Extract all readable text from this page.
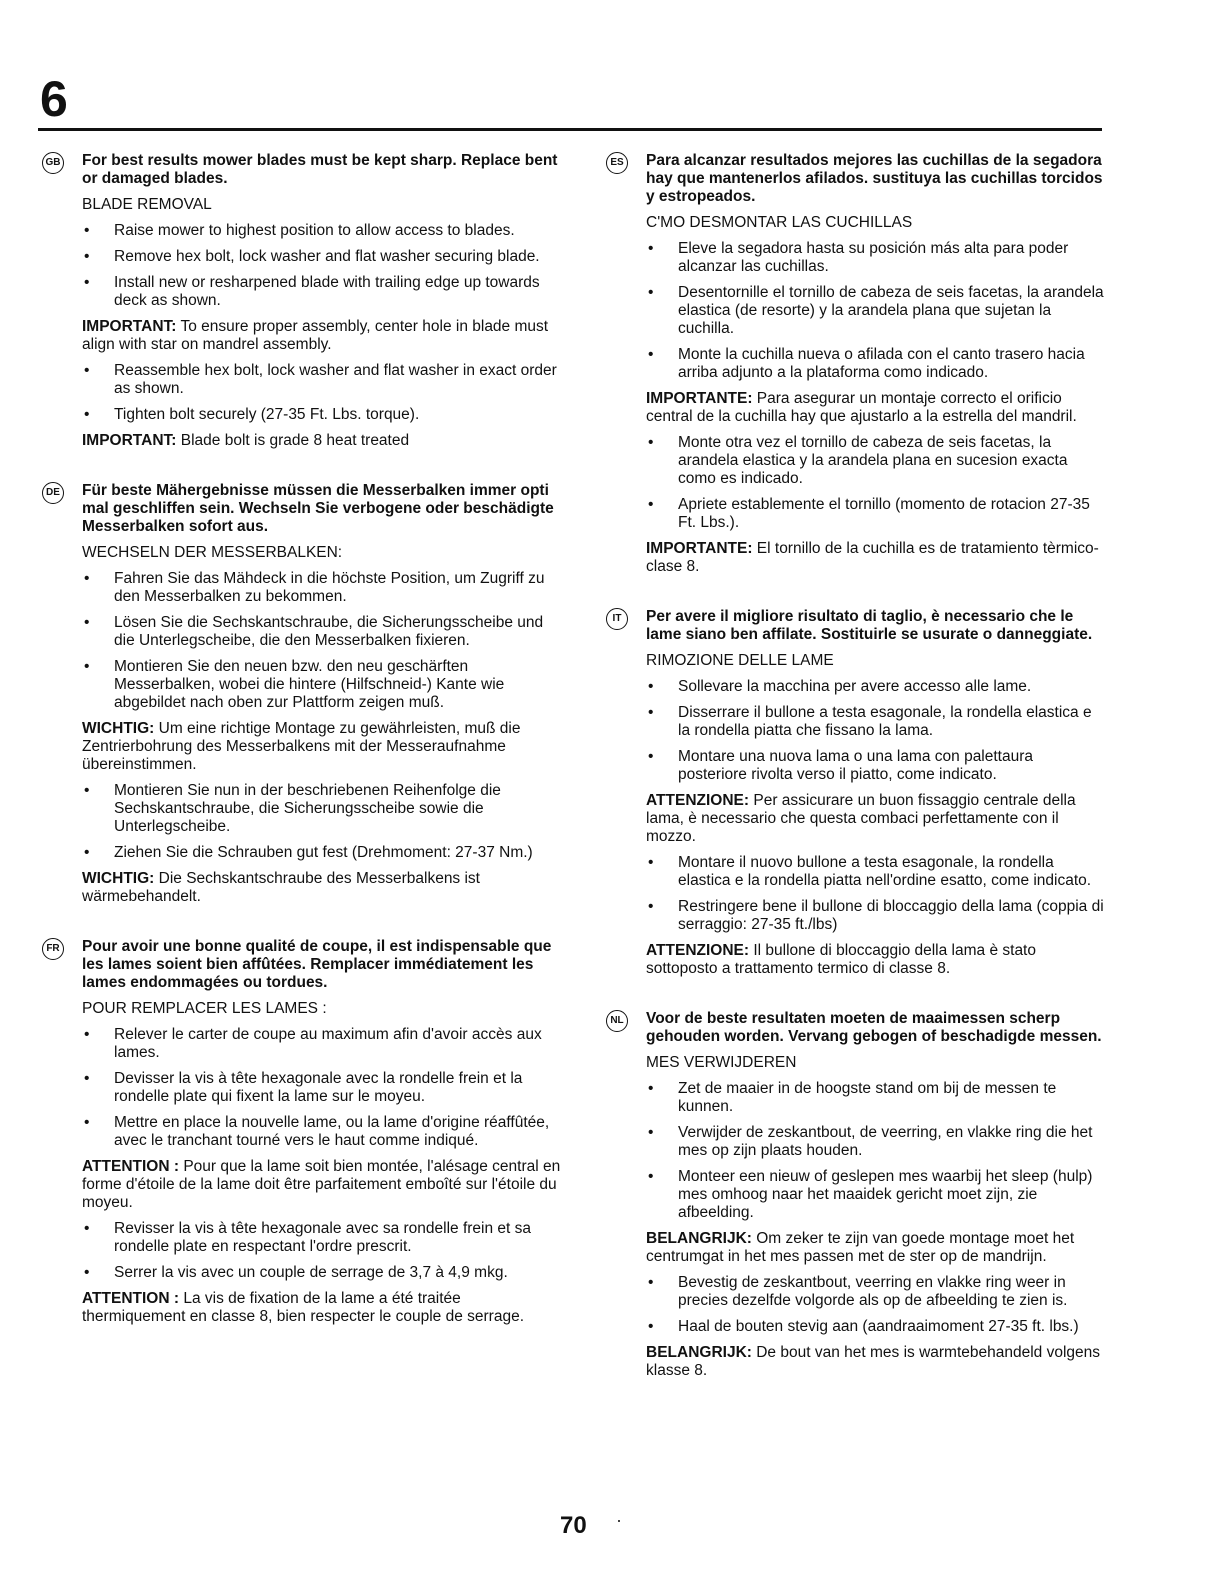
6
GB	For best results mower blades must be kept sharp. Replace bent or damaged blades.

BLADE REMOVAL

• Raise mower to highest position to allow access to blades.
• Remove hex bolt, lock washer and flat washer securing blade.
• Install new or resharpened blade with trailing edge up towards deck as shown.

IMPORTANT: To ensure proper assembly, center hole in blade must align with star on mandrel assembly.

• Reassemble hex bolt, lock washer and flat washer in exact order as shown.
• Tighten bolt securely (27-35 Ft. Lbs. torque).

IMPORTANT: Blade bolt is grade 8 heat treated

DE	Für beste Mähergebnisse müssen die Messerbalken immer opti mal geschliffen sein. Wechseln Sie verbogene oder beschädigte Messerbalken sofort aus.

WECHSELN DER MESSERBALKEN:

• Fahren Sie das Mähdeck in die höchste Position, um Zugriff zu den Messerbalken zu bekommen.
• Lösen Sie die Sechskantschraube, die Sicherungsscheibe und die Unterlegscheibe, die den Messerbalken fixieren.
• Montieren Sie den neuen bzw. den neu geschärften Messerbalken, wobei die hintere (Hilfschneid-) Kante wie abgebildet nach oben zur Plattform zeigen muß.

WICHTIG: Um eine richtige Montage zu gewährleisten, muß die Zentrierbohrung des Messerbalkens mit der Messeraufnahme übereinstimmen.

• Montieren Sie nun in der beschriebenen Reihenfolge die Sechskantschraube, die Sicherungsscheibe sowie die Unterlegscheibe.
• Ziehen Sie die Schrauben gut fest (Drehmoment: 27-37 Nm.)

WICHTIG: Die Sechskantschraube des Messerbalkens ist wärmebehandelt.

FR	Pour avoir une bonne qualité de coupe, il est indispensable que les lames soient bien affûtées. Remplacer immédiatement les lames endommagées ou tordues.

POUR REMPLACER LES LAMES :

• Relever le carter de coupe au maximum afin d'avoir accès aux lames.
• Devisser la vis à tête hexagonale avec la rondelle frein et la rondelle plate qui fixent la lame sur le moyeu.
• Mettre en place la nouvelle lame, ou la lame d'origine réaffûtée, avec le tranchant tourné vers le haut comme indiqué.

ATTENTION : Pour que la lame soit bien montée, l'alésage central en forme d'étoile de la lame doit être parfaitement emboîté sur l'étoile du moyeu.

• Revisser la vis à tête hexagonale avec sa rondelle frein et sa rondelle plate en respectant l'ordre prescrit.
• Serrer la vis avec un couple de serrage de 3,7 à 4,9 mkg.

ATTENTION : La vis de fixation de la lame a été traitée thermiquement en classe 8, bien respecter le couple de serrage.

ES	Para alcanzar resultados mejores las cuchillas de la segadora hay que mantenerlos afilados. sustituya las cuchillas torcidos y estropeados.

C'MO DESMONTAR LAS CUCHILLAS

• Eleve la segadora hasta su posición más alta para poder alcanzar las cuchillas.
• Desentornille el tornillo de cabeza de seis facetas, la arandela elastica (de resorte) y la arandela plana que sujetan la cuchilla.
• Monte la cuchilla nueva o afilada con el canto trasero hacia arriba adjunto a la plataforma como indicado.

IMPORTANTE: Para asegurar un montaje correcto el orificio central de la cuchilla hay que ajustarlo a la estrella del mandril.

• Monte otra vez el tornillo de cabeza de seis facetas, la arandela elastica y la arandela plana en sucesion exacta como es indicado.
• Apriete establemente el tornillo (momento de rotacion 27-35 Ft. Lbs.).

IMPORTANTE: El tornillo de la cuchilla es de tratamiento tèrmico-clase 8.

IT	Per avere il migliore risultato di taglio, è necessario che le lame siano ben affilate. Sostituirle se usurate o danneggiate.

RIMOZIONE DELLE LAME

• Sollevare la macchina per avere accesso alle lame.
• Disserrare il bullone a testa esagonale, la rondella elastica e la rondella piatta che fissano la lama.
• Montare una nuova lama o una lama con palettaura posteriore rivolta verso il piatto, come indicato.

ATTENZIONE: Per assicurare un buon fissaggio centrale della lama, è necessario che questa combaci perfettamente con il mozzo.

• Montare il nuovo bullone a testa esagonale, la rondella elastica e la rondella piatta nell'ordine esatto, come indicato.
• Restringere bene il bullone di bloccaggio della lama (coppia di serraggio: 27-35 ft./lbs)

ATTENZIONE: Il bullone di bloccaggio della lama è stato sottoposto a trattamento termico di classe 8.

NL	Voor de beste resultaten moeten de maaimessen scherp gehouden worden. Vervang gebogen of beschadigde messen.

MES VERWIJDEREN

• Zet de maaier in de hoogste stand om bij de messen te kunnen.
• Verwijder de zeskantbout, de veerring, en vlakke ring die het mes op zijn plaats houden.
• Monteer een nieuw of geslepen mes waarbij het sleep (hulp) mes omhoog naar het maaidek gericht moet zijn, zie afbeelding.

BELANGRIJK: Om zeker te zijn van goede montage moet het centrumgat in het mes passen met de ster op de mandrijn.

• Bevestig de zeskantbout, veerring en vlakke ring weer in precies dezelfde volgorde als op de afbeelding te zien is.
• Haal de bouten stevig aan (aandraaimoment 27-35 ft. lbs.)

BELANGRIJK: De bout van het mes is warmtebehandeld volgens klasse 8.

70
